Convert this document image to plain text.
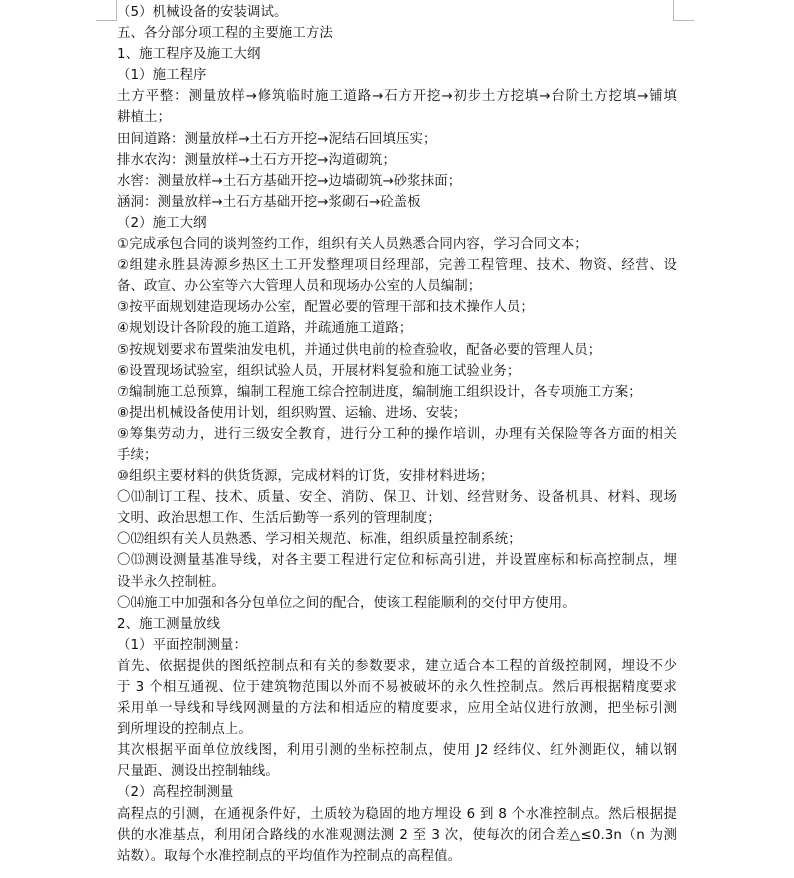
（5）机械设备的安装调试。
五、各分部分项工程的主要施工方法
1、施工程序及施工大纲
（1）施工程序
土方平整：测量放样→修筑临时施工道路→石方开挖→初步土方挖填→台阶土方挖填→铺填
耕植土；
田间道路：测量放样→土石方开挖→泥结石回填压实；
排水农沟：测量放样→土石方开挖→沟道砌筑；
水窖：测量放样→土石方基础开挖→边墙砌筑→砂浆抹面；
涵洞：测量放样→土石方基础开挖→浆砌石→砼盖板
（2）施工大纲
①完成承包合同的谈判签约工作，组织有关人员熟悉合同内容，学习合同文本；
②组建永胜县涛源乡热区土工开发整理项目经理部，完善工程管理、技术、物资、经营、设
备、政宣、办公室等六大管理人员和现场办公室的人员编制；
③按平面规划建造现场办公室，配置必要的管理干部和技术操作人员；
④规划设计各阶段的施工道路，并疏通施工道路；
⑤按规划要求布置柴油发电机，并通过供电前的检查验收，配备必要的管理人员；
⑥设置现场试验室，组织试验人员，开展材料复验和施工试验业务；
⑦编制施工总预算，编制工程施工综合控制进度，编制施工组织设计，各专项施工方案；
⑧提出机械设备使用计划，组织购置、运输、进场、安装；
⑨筹集劳动力，进行三级安全教育，进行分工种的操作培训，办理有关保险等各方面的相关
手续；
⑩组织主要材料的供货货源，完成材料的订货，安排材料进场；
〇⑾制订工程、技术、质量、安全、消防、保卫、计划、经营财务、设备机具、材料、现场
文明、政治思想工作、生活后勤等一系列的管理制度；
〇⑿组织有关人员熟悉、学习相关规范、标准，组织质量控制系统；
〇⒀测设测量基准导线，对各主要工程进行定位和标高引进，并设置座标和标高控制点，埋
设半永久控制桩。
〇⒁施工中加强和各分包单位之间的配合，使该工程能顺利的交付甲方使用。
2、施工测量放线
（1）平面控制测量：
首先、依据提供的图纸控制点和有关的参数要求，建立适合本工程的首级控制网，埋设不少
于 3 个相互通视、位于建筑物范围以外而不易被破坏的永久性控制点。然后再根据精度要求
采用单一导线和导线网测量的方法和相适应的精度要求，应用全站仪进行放测，把坐标引测
到所埋设的控制点上。
其次根据平面单位放线图，利用引测的坐标控制点，使用 J2 经纬仪、红外测距仪，辅以钢
尺量距、测设出控制轴线。
（2）高程控制测量
高程点的引测，在通视条件好，土质较为稳固的地方埋设 6 到 8 个水准控制点。然后根据提
供的水准基点，利用闭合路线的水准观测法测 2 至 3 次，使每次的闭合差△≤0.3n（n 为测
站数）。取每个水准控制点的平均值作为控制点的高程值。
